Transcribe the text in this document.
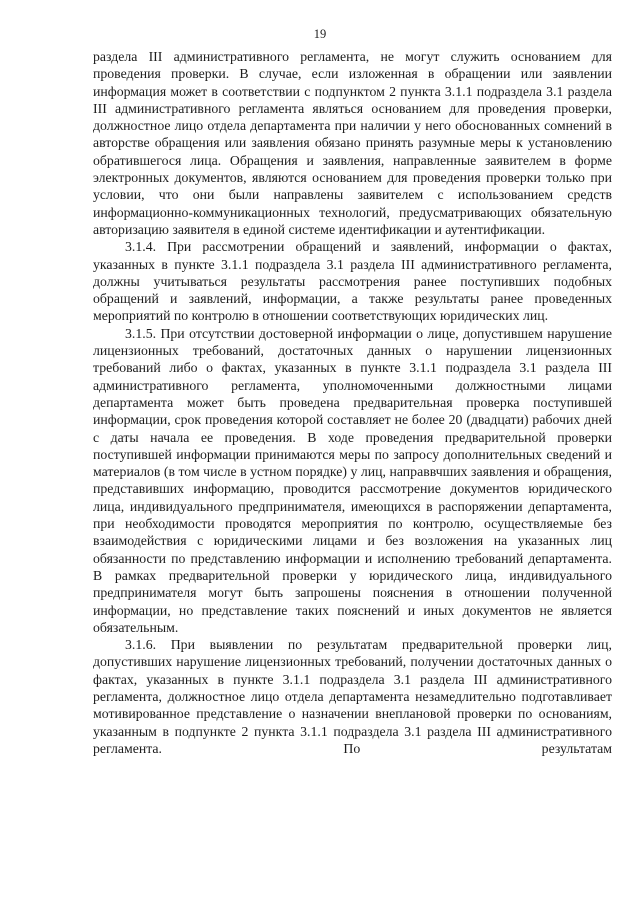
19

раздела III административного регламента, не могут служить основанием для проведения проверки. В случае, если изложенная в обращении или заявлении информация может в соответствии с подпунктом 2 пункта 3.1.1 подраздела 3.1 раздела III административного регламента являться основанием для проведения проверки, должностное лицо отдела департамента при наличии у него обоснованных сомнений в авторстве обращения или заявления обязано принять разумные меры к установлению обратившегося лица. Обращения и заявления, направленные заявителем в форме электронных документов, являются основанием для проведения проверки только при условии, что они были направлены заявителем с использованием средств информационно-коммуникационных технологий, предусматривающих обязательную авторизацию заявителя в единой системе идентификации и аутентификации.

3.1.4. При рассмотрении обращений и заявлений, информации о фактах, указанных в пункте 3.1.1 подраздела 3.1 раздела III административного регламента, должны учитываться результаты рассмотрения ранее поступивших подобных обращений и заявлений, информации, а также результаты ранее проведенных мероприятий по контролю в отношении соответствующих юридических лиц.

3.1.5. При отсутствии достоверной информации о лице, допустившем нарушение лицензионных требований, достаточных данных о нарушении лицензионных требований либо о фактах, указанных в пункте 3.1.1 подраздела 3.1 раздела III административного регламента, уполномоченными должностными лицами департамента может быть проведена предварительная проверка поступившей информации, срок проведения которой составляет не более 20 (двадцати) рабочих дней с даты начала ее проведения. В ходе проведения предварительной проверки поступившей информации принимаются меры по запросу дополнительных сведений и материалов (в том числе в устном порядке) у лиц, направвчших заявления и обращения, представивших информацию, проводится рассмотрение документов юридического лица, индивидуального предпринимателя, имеющихся в распоряжении департамента, при необходимости проводятся мероприятия по контролю, осуществляемые без взаимодействия с юридическими лицами и без возложения на указанных лиц обязанности по представлению информации и исполнению требований департамента. В рамках предварительной проверки у юридического лица, индивидуального предпринимателя могут быть запрошены пояснения в отношении полученной информации, но представление таких пояснений и иных документов не является обязательным.

3.1.6. При выявлении по результатам предварительной проверки лиц, допустивших нарушение лицензионных требований, получении достаточных данных о фактах, указанных в пункте 3.1.1 подраздела 3.1 раздела III административного регламента, должностное лицо отдела департамента незамедлительно подготавливает мотивированное представление о назначении внеплановой проверки по основаниям, указанным в подпункте 2 пункта 3.1.1 подраздела 3.1 раздела III административного регламента. По результатам
